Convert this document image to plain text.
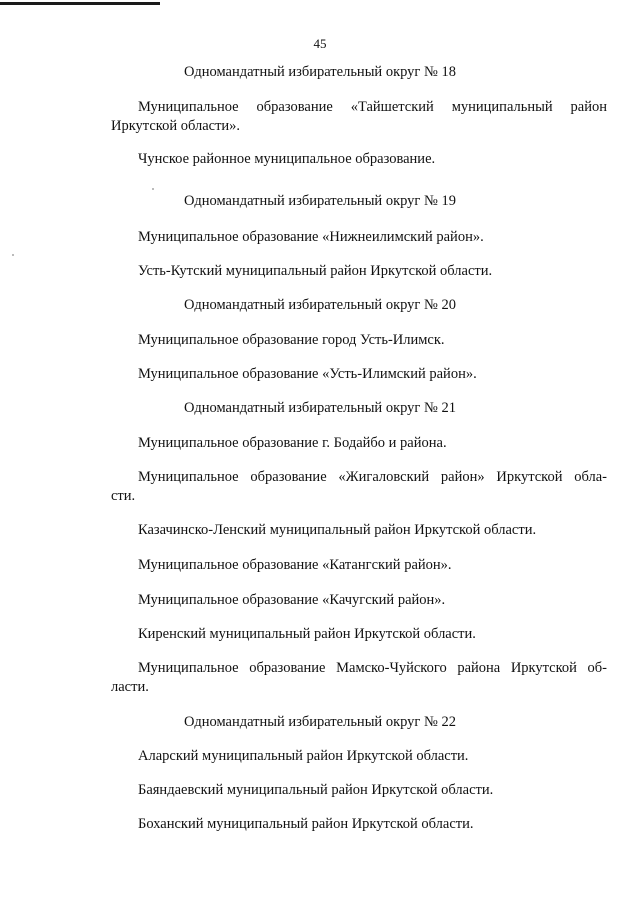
45
Одномандатный избирательный округ № 18
Муниципальное образование «Тайшетский муниципальный район
Иркутской области».
Чунское районное муниципальное образование.
Одномандатный избирательный округ № 19
Муниципальное образование «Нижнеилимский район».
Усть-Кутский муниципальный район Иркутской области.
Одномандатный избирательный округ № 20
Муниципальное образование город Усть-Илимск.
Муниципальное образование «Усть-Илимский район».
Одномандатный избирательный округ № 21
Муниципальное образование г. Бодайбо и района.
Муниципальное образование «Жигаловский район» Иркутской обла-
сти.
Казачинско-Ленский муниципальный район Иркутской области.
Муниципальное образование «Катангский район».
Муниципальное образование «Качугский район».
Киренский муниципальный район Иркутской области.
Муниципальное образование Мамско-Чуйского района Иркутской об-
ласти.
Одномандатный избирательный округ № 22
Аларский муниципальный район Иркутской области.
Баяндаевский муниципальный район Иркутской области.
Боханский муниципальный район Иркутской области.
